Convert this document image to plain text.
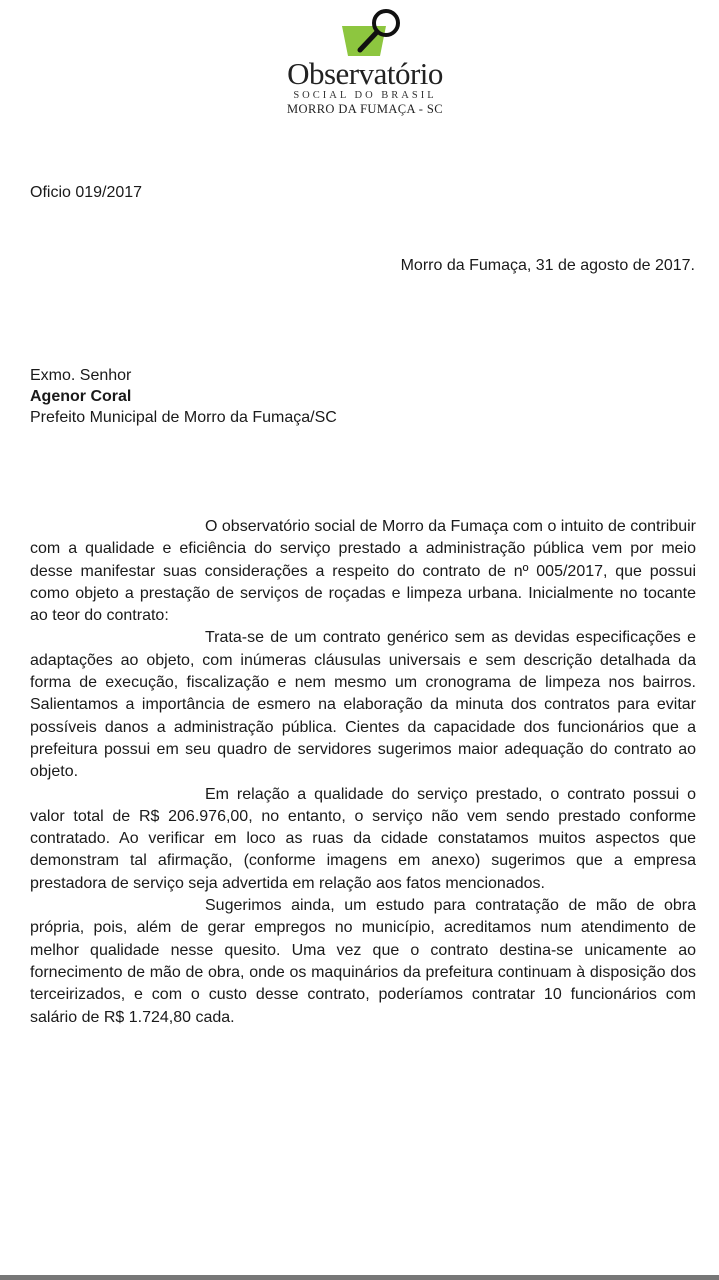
Observatório
SOCIAL DO BRASIL
MORRO DA FUMAÇA - SC
Oficio 019/2017
Morro da Fumaça, 31 de agosto de 2017.
Exmo. Senhor
Agenor Coral
Prefeito Municipal de Morro da Fumaça/SC

O observatório social de Morro da Fumaça com o intuito de contribuir com a qualidade e eficiência do serviço prestado a administração pública vem por meio desse manifestar suas considerações a respeito do contrato de nº 005/2017, que possui como objeto a prestação de serviços de roçadas e limpeza urbana. Inicialmente no tocante ao teor do contrato:

Trata-se de um contrato genérico sem as devidas especificações e adaptações ao objeto, com inúmeras cláusulas universais e sem descrição detalhada da forma de execução, fiscalização e nem mesmo um cronograma de limpeza nos bairros. Salientamos a importância de esmero na elaboração da minuta dos contratos para evitar possíveis danos a administração pública. Cientes da capacidade dos funcionários que a prefeitura possui em seu quadro de servidores sugerimos maior adequação do contrato ao objeto.

Em relação a qualidade do serviço prestado, o contrato possui o valor total de R$ 206.976,00, no entanto, o serviço não vem sendo prestado conforme contratado. Ao verificar em loco as ruas da cidade constatamos muitos aspectos que demonstram tal afirmação, (conforme imagens em anexo) sugerimos que a empresa prestadora de serviço seja advertida em relação aos fatos mencionados.

Sugerimos ainda, um estudo para contratação de mão de obra própria, pois, além de gerar empregos no município, acreditamos num atendimento de melhor qualidade nesse quesito. Uma vez que o contrato destina-se unicamente ao fornecimento de mão de obra, onde os maquinários da prefeitura continuam à disposição dos terceirizados, e com o custo desse contrato, poderíamos contratar 10 funcionários com salário de R$ 1.724,80 cada.
